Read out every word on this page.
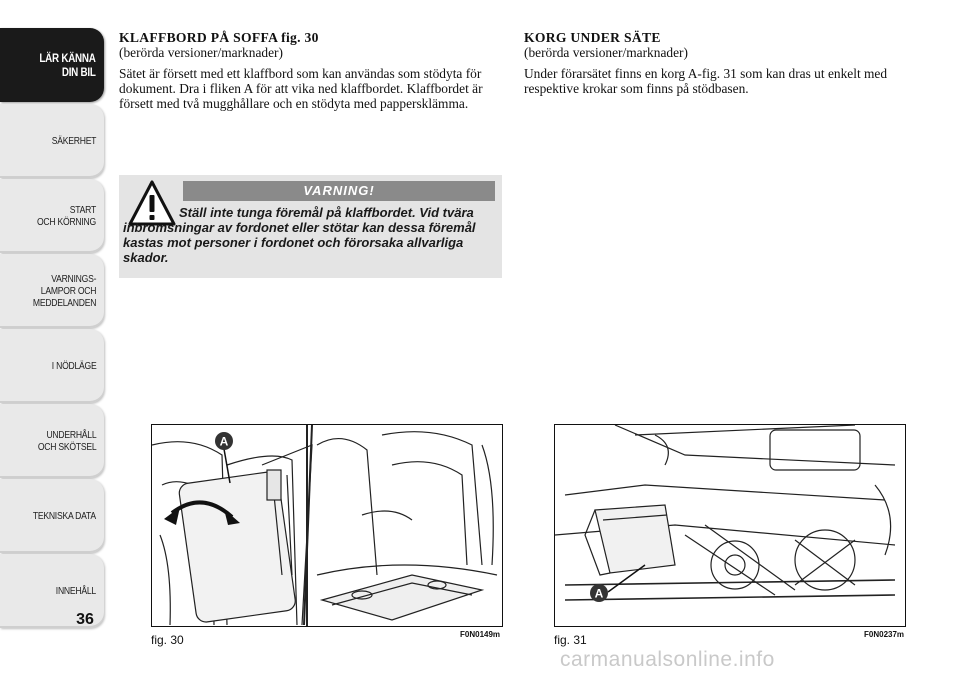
LÄR KÄNNA
DIN BIL
SÄKERHET
START
OCH KÖRNING
VARNINGS-
LAMPOR OCH
MEDDELANDEN
I NÖDLÄGE
UNDERHÅLL
OCH SKÖTSEL
TEKNISKA DATA
INNEHÅLL
36
KLAFFBORD PÅ SOFFA fig. 30
(berörda versioner/marknader)

Sätet är försett med ett klaffbord som kan användas som stödyta för dokument. Dra i fliken A för att vika ned klaffbordet. Klaffbordet är försett med två mugghållare och en stödyta med pappersklämma.

VARNING!
Ställ inte tunga föremål på klaffbordet. Vid tvära inbromsningar av fordonet eller stötar kan dessa föremål kastas mot personer i fordonet och förorsaka allvarliga skador.
KORG UNDER SÄTE
(berörda versioner/marknader)

Under förarsätet finns en korg A-fig. 31 som kan dras ut enkelt med respektive krokar som finns på stödbasen.

A
fig. 30	F0N0149m
A
fig. 31	F0N0237m
carmanualsonline.info
